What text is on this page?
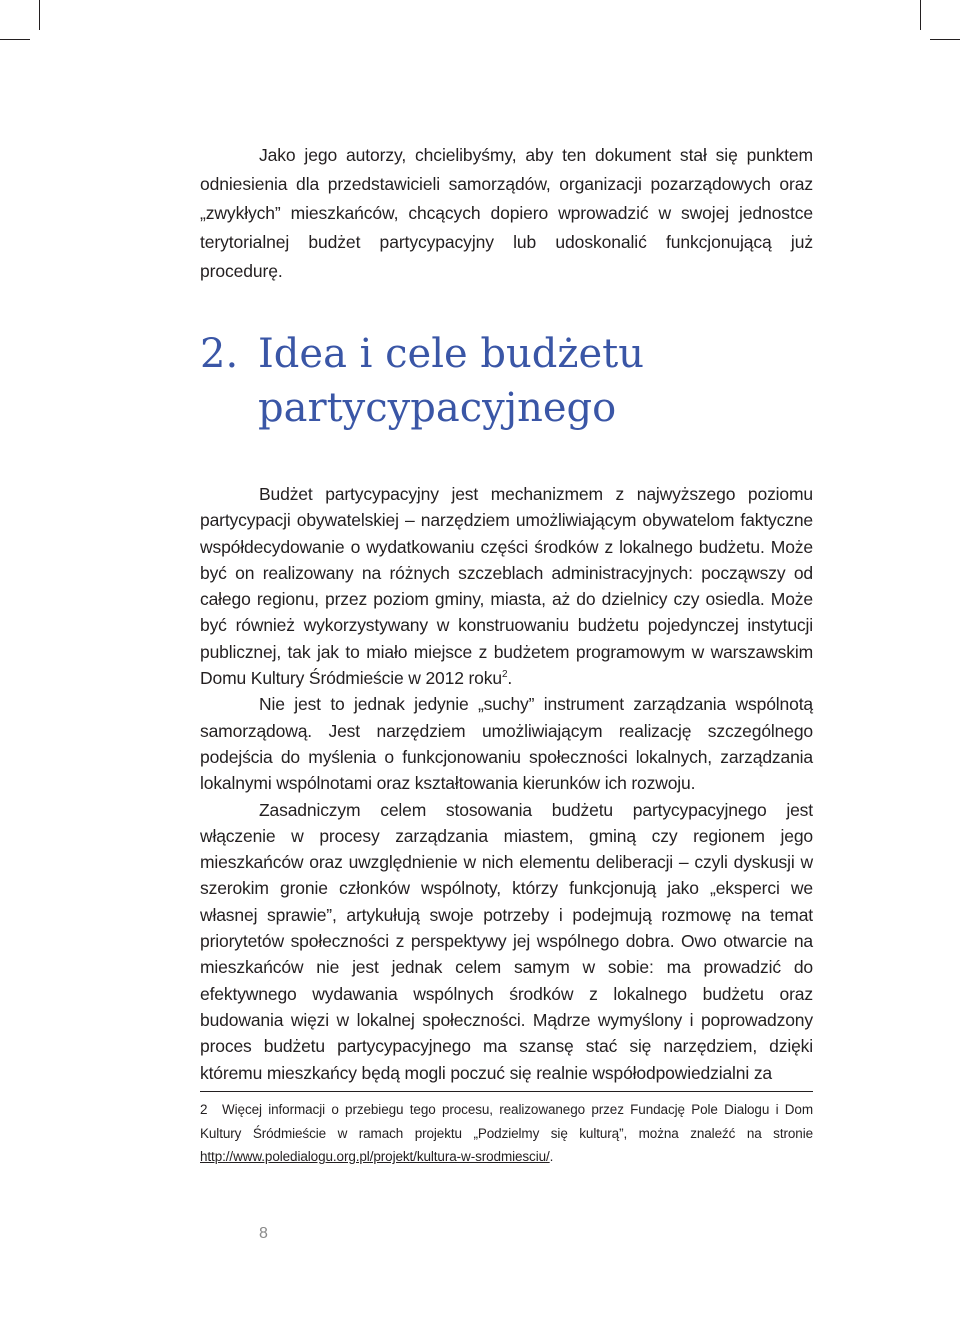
Jako jego autorzy, chcielibyśmy, aby ten dokument stał się punktem odniesienia dla przedstawicieli samorządów, organizacji pozarządowych oraz „zwykłych” mieszkańców, chcących dopiero wprowadzić w swojej jednostce terytorialnej budżet partycypacyjny lub udoskonalić funkcjonującą już procedurę.

2. Idea i cele budżetu
partycypacyjnego

Budżet partycypacyjny jest mechanizmem z najwyższego poziomu partycypacji obywatelskiej – narzędziem umożliwiającym obywatelom faktyczne współdecydowanie o wydatkowaniu części środków z lokalnego budżetu. Może być on realizowany na różnych szczeblach administracyjnych: począwszy od całego regionu, przez poziom gminy, miasta, aż do dzielnicy czy osiedla. Może być również wykorzystywany w konstruowaniu budżetu pojedynczej instytucji publicznej, tak jak to miało miejsce z budżetem programowym w warszawskim Domu Kultury Śródmieście w 2012 roku$^2$.

Nie jest to jednak jedynie „suchy” instrument zarządzania wspólnotą samorządową. Jest narzędziem umożliwiającym realizację szczególnego podejścia do myślenia o funkcjonowaniu społeczności lokalnych, zarządzania lokalnymi wspólnotami oraz kształtowania kierunków ich rozwoju.

Zasadniczym celem stosowania budżetu partycypacyjnego jest włączenie w procesy zarządzania miastem, gminą czy regionem jego mieszkańców oraz uwzględnienie w nich elementu deliberacji – czyli dyskusji w szerokim gronie członków wspólnoty, którzy funkcjonują jako „eksperci we własnej sprawie”, artykułują swoje potrzeby i podejmują rozmowę na temat priorytetów społeczności z perspektywy jej wspólnego dobra. Owo otwarcie na mieszkańców nie jest jednak celem samym w sobie: ma prowadzić do efektywnego wydawania wspólnych środków z lokalnego budżetu oraz budowania więzi w lokalnej społeczności. Mądrze wymyślony i poprowadzony proces budżetu partycypacyjnego ma szansę stać się narzędziem, dzięki któremu mieszkańcy będą mogli poczuć się realnie współodpowiedzialni za

2 Więcej informacji o przebiegu tego procesu, realizowanego przez Fundację Pole Dialogu i Dom Kultury Śródmieście w ramach projektu „Podzielmy się kulturą”, można znaleźć na stronie http://www.poledialogu.org.pl/projekt/kultura-w-srodmiesciu/.

8
